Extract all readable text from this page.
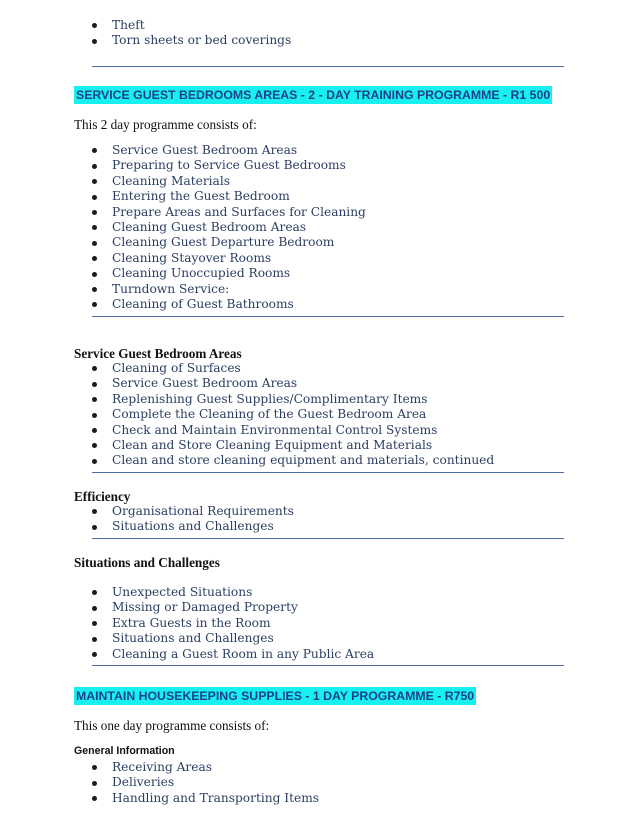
Theft
Torn sheets or bed coverings
SERVICE GUEST BEDROOMS AREAS - 2 - DAY TRAINING PROGRAMME - R1 500
This 2 day programme consists of:
Service Guest Bedroom Areas
Preparing to Service Guest Bedrooms
Cleaning Materials
Entering the Guest Bedroom
Prepare Areas and Surfaces for Cleaning
Cleaning Guest Bedroom Areas
Cleaning Guest Departure Bedroom
Cleaning Stayover Rooms
Cleaning Unoccupied Rooms
Turndown Service:
Cleaning of Guest Bathrooms
Service Guest Bedroom Areas
Cleaning of Surfaces
Service Guest Bedroom Areas
Replenishing Guest Supplies/Complimentary Items
Complete the Cleaning of the Guest Bedroom Area
Check and Maintain Environmental Control Systems
Clean and Store Cleaning Equipment and Materials
Clean and store cleaning equipment and materials, continued
Efficiency
Organisational Requirements
Situations and Challenges
Situations and Challenges
Unexpected Situations
Missing or Damaged Property
Extra Guests in the Room
Situations and Challenges
Cleaning a Guest Room in any Public Area
MAINTAIN HOUSEKEEPING SUPPLIES - 1 DAY PROGRAMME - R750
This one day programme consists of:
General Information
Receiving Areas
Deliveries
Handling and Transporting Items
